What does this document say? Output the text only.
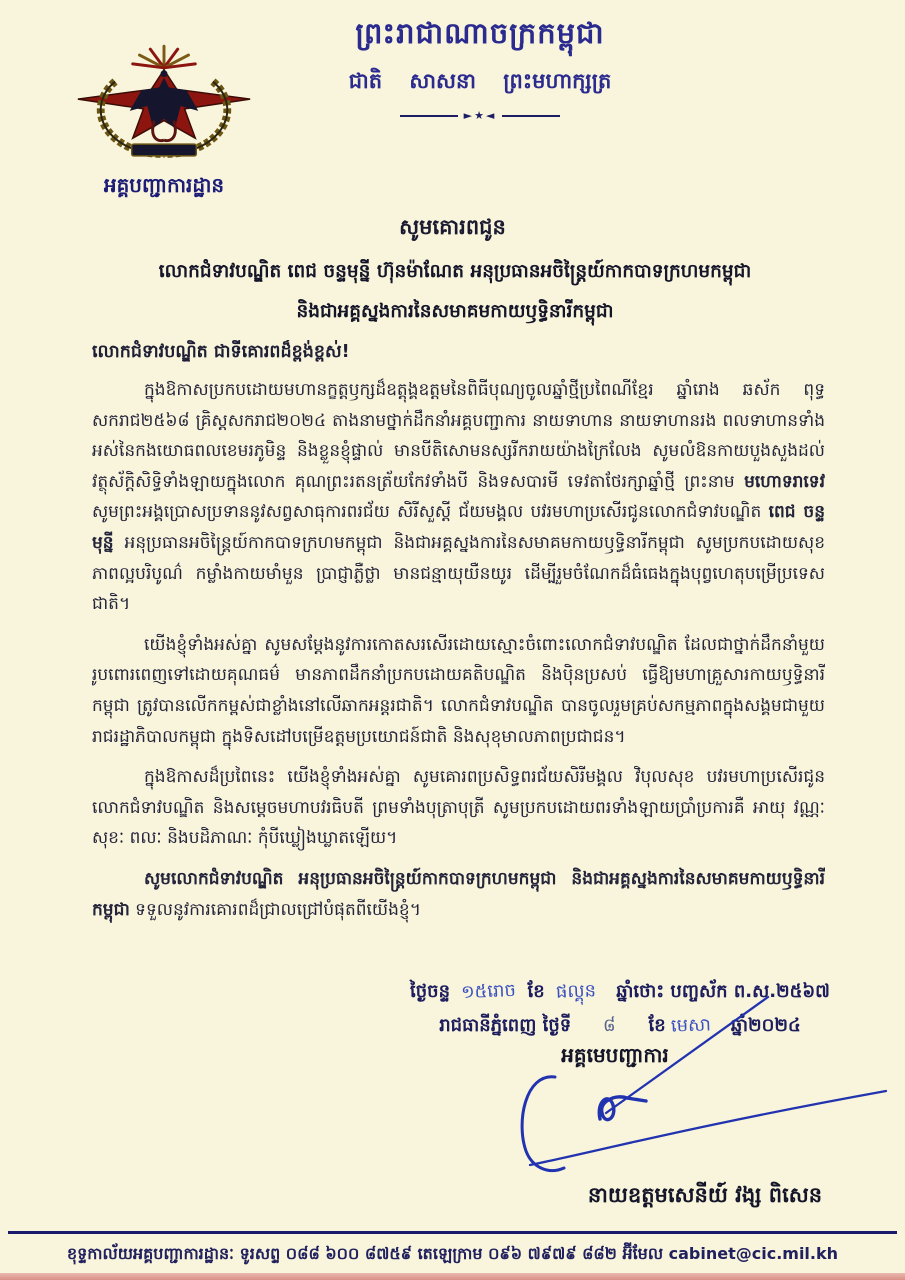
ព្រះរាជាណាចក្រកម្ពុជា
ជាតិ សាសនា ព្រះមហាក្សត្រ
►★◄
អគ្គបញ្ជាការដ្ឋាន
សូមគោរពជូន
លោកជំទាវបណ្ឌិត ពេជ ចន្ទមុន្នី ហ៊ុនម៉ាណែត អនុប្រធានអចិន្ត្រៃយ៍កាកបាទក្រហមកម្ពុជា
និងជាអគ្គស្នងការនៃសមាគមកាយឫទ្ធិនារីកម្ពុជា
លោកជំទាវបណ្ឌិត ជាទីគោរពដ៏ខ្ពង់ខ្ពស់!

ក្នុងឱកាសប្រកបដោយមហានក្ខត្តឫក្សដ៏ឧត្តុង្គឧត្តមនៃពិធីបុណ្យចូលឆ្នាំថ្មីប្រពៃណីខ្មែរ ឆ្នាំរោង ឆស័ក ពុទ្ធសករាជ២៥៦៨ គ្រិស្តសករាជ២០២៤ តាងនាមថ្នាក់ដឹកនាំអគ្គបញ្ជាការ នាយទាហាន នាយទាហានរង ពលទាហានទាំងអស់នៃកងយោធពលខេមរភូមិន្ទ និងខ្លួនខ្ញុំផ្ទាល់ មានបីតិសោមនស្សរីករាយយ៉ាងក្រៃលែង សូមលំឱនកាយបួងសួងដល់វត្ថុស័ក្តិសិទ្ធិទាំងឡាយក្នុងលោក គុណព្រះរតនត្រ័យកែវទាំងបី និងទសបារមី ទេវតាថែរក្សាឆ្នាំថ្មី ព្រះនាម មហោទរាទេវ សូមព្រះអង្គប្រោសប្រទាននូវសព្វសាធុការពរជ័យ សិរីសួស្តី ជ័យមង្គល បវរមហាប្រសើរជូនលោកជំទាវបណ្ឌិត ពេជ ចន្ទមុន្នី អនុប្រធានអចិន្ត្រៃយ៍កាកបាទក្រហមកម្ពុជា និងជាអគ្គស្នងការនៃសមាគមកាយឫទ្ធិនារីកម្ពុជា សូមប្រកបដោយសុខភាពល្អបរិបូណ៌ កម្លាំងកាយមាំមួន ប្រាជ្ញាភ្លឺថ្លា មានជន្មាយុយឺនយូរ ដើម្បីរួមចំណែកដ៏ធំធេងក្នុងបុព្វហេតុបម្រើប្រទេសជាតិ។

យើងខ្ញុំទាំងអស់គ្នា សូមសម្តែងនូវការកោតសរសើរដោយស្មោះចំពោះលោកជំទាវបណ្ឌិត ដែលជាថ្នាក់ដឹកនាំមួយរូបពោរពេញទៅដោយគុណធម៌ មានភាពដឹកនាំប្រកបដោយគតិបណ្ឌិត និងប៉ិនប្រសប់ ធ្វើឱ្យមហាគ្រួសារកាយឫទ្ធិនារីកម្ពុជា ត្រូវបានលើកកម្ពស់ជាខ្លាំងនៅលើឆាកអន្តរជាតិ។ លោកជំទាវបណ្ឌិត បានចូលរួមគ្រប់សកម្មភាពក្នុងសង្គមជាមួយរាជរដ្ឋាភិបាលកម្ពុជា ក្នុងទិសដៅបម្រើឧត្តមប្រយោជន៍ជាតិ និងសុខុមាលភាពប្រជាជន។

ក្នុងឱកាសដ៏ប្រពៃនេះ យើងខ្ញុំទាំងអស់គ្នា សូមគោរពប្រសិទ្ធពរជ័យសិរីមង្គល វិបុលសុខ បវរមហាប្រសើរជូនលោកជំទាវបណ្ឌិត និងសម្តេចមហាបវរធិបតី ព្រមទាំងបុត្រាបុត្រី សូមប្រកបដោយពរទាំងឡាយប្រាំប្រការគឺ អាយុ វណ្ណៈ សុខៈ ពលៈ និងបដិភាណៈ កុំបីឃ្លៀងឃ្លាតឡើយ។

សូមលោកជំទាវបណ្ឌិត អនុប្រធានអចិន្ត្រៃយ៍កាកបាទក្រហមកម្ពុជា និងជាអគ្គស្នងការនៃសមាគមកាយឫទ្ធិនារីកម្ពុជា ទទួលនូវការគោរពដ៏ជ្រាលជ្រៅបំផុតពីយើងខ្ញុំ។

ថ្ងៃចន្ទ ១៥រោច ខែ ផល្គុន ឆ្នាំថោះ បញ្ចស័ក ព.ស.២៥៦៧
រាជធានីភ្នំពេញ ថ្ងៃទី ៨ ខែ មេសា ឆ្នាំ២០២៤
អគ្គមេបញ្ជាការ
នាយឧត្តមសេនីយ៍ វង្ស ពិសេន
ខុទ្ទកាល័យអគ្គបញ្ជាការដ្ឋានៈ ទូរសព្ទ ០៨៨ ៦០០ ៨៧៥៩ តេឡេក្រាម ០៩៦ ៧៩៧៩ ៨៨២ អ៊ីមែល cabinet@cic.mil.kh
